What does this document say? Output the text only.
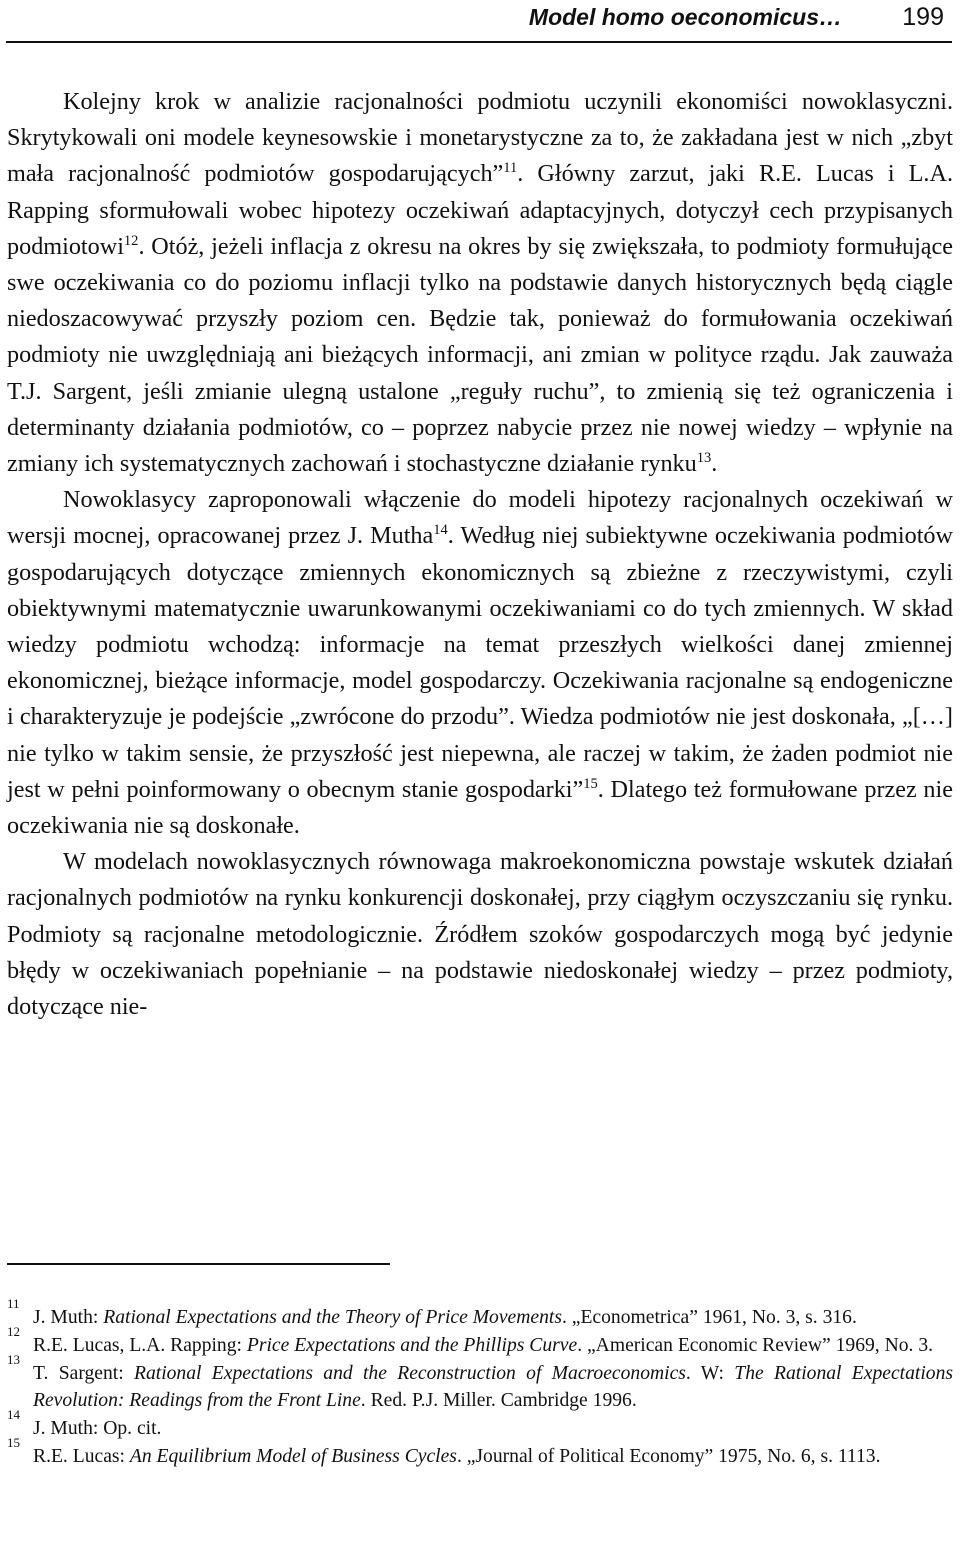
Model homo oeconomicus… 199

Kolejny krok w analizie racjonalności podmiotu uczynili ekonomiści nowoklasyczni. Skrytykowali oni modele keynesowskie i monetarystyczne za to, że zakładana jest w nich „zbyt mała racjonalność podmiotów gospodarujących”$^{11}$. Główny zarzut, jaki R.E. Lucas i L.A. Rapping sformułowali wobec hipotezy oczekiwań adaptacyjnych, dotyczył cech przypisanych podmiotowi$^{12}$. Otóż, jeżeli inflacja z okresu na okres by się zwiększała, to podmioty formułujące swe oczekiwania co do poziomu inflacji tylko na podstawie danych historycznych będą ciągle niedoszacowywać przyszły poziom cen. Będzie tak, ponieważ do formułowania oczekiwań podmioty nie uwzględniają ani bieżących informacji, ani zmian w polityce rządu. Jak zauważa T.J. Sargent, jeśli zmianie ulegną ustalone „reguły ruchu”, to zmienią się też ograniczenia i determinanty działania podmiotów, co – poprzez nabycie przez nie nowej wiedzy – wpłynie na zmiany ich systematycznych zachowań i stochastyczne działanie rynku$^{13}$.

Nowoklasycy zaproponowali włączenie do modeli hipotezy racjonalnych oczekiwań w wersji mocnej, opracowanej przez J. Mutha$^{14}$. Według niej subiektywne oczekiwania podmiotów gospodarujących dotyczące zmiennych ekonomicznych są zbieżne z rzeczywistymi, czyli obiektywnymi matematycznie uwarunkowanymi oczekiwaniami co do tych zmiennych. W skład wiedzy podmiotu wchodzą: informacje na temat przeszłych wielkości danej zmiennej ekonomicznej, bieżące informacje, model gospodarczy. Oczekiwania racjonalne są endogeniczne i charakteryzuje je podejście „zwrócone do przodu”. Wiedza podmiotów nie jest doskonała, „[…] nie tylko w takim sensie, że przyszłość jest niepewna, ale raczej w takim, że żaden podmiot nie jest w pełni poinformowany o obecnym stanie gospodarki”$^{15}$. Dlatego też formułowane przez nie oczekiwania nie są doskonałe.

W modelach nowoklasycznych równowaga makroekonomiczna powstaje wskutek działań racjonalnych podmiotów na rynku konkurencji doskonałej, przy ciągłym oczyszczaniu się rynku. Podmioty są racjonalne metodologicznie. Źródłem szoków gospodarczych mogą być jedynie błędy w oczekiwaniach popełnianie – na podstawie niedoskonałej wiedzy – przez podmioty, dotyczące nie-

11
J. Muth: Rational Expectations and the Theory of Price Movements. „Econometrica” 1961, No. 3, s. 316.
12
R.E. Lucas, L.A. Rapping: Price Expectations and the Phillips Curve. „American Economic Review” 1969, No. 3.
13
T. Sargent: Rational Expectations and the Reconstruction of Macroeconomics. W: The Rational Expectations Revolution: Readings from the Front Line. Red. P.J. Miller. Cambridge 1996.
14
J. Muth: Op. cit.
15
R.E. Lucas: An Equilibrium Model of Business Cycles. „Journal of Political Economy” 1975, No. 6, s. 1113.
